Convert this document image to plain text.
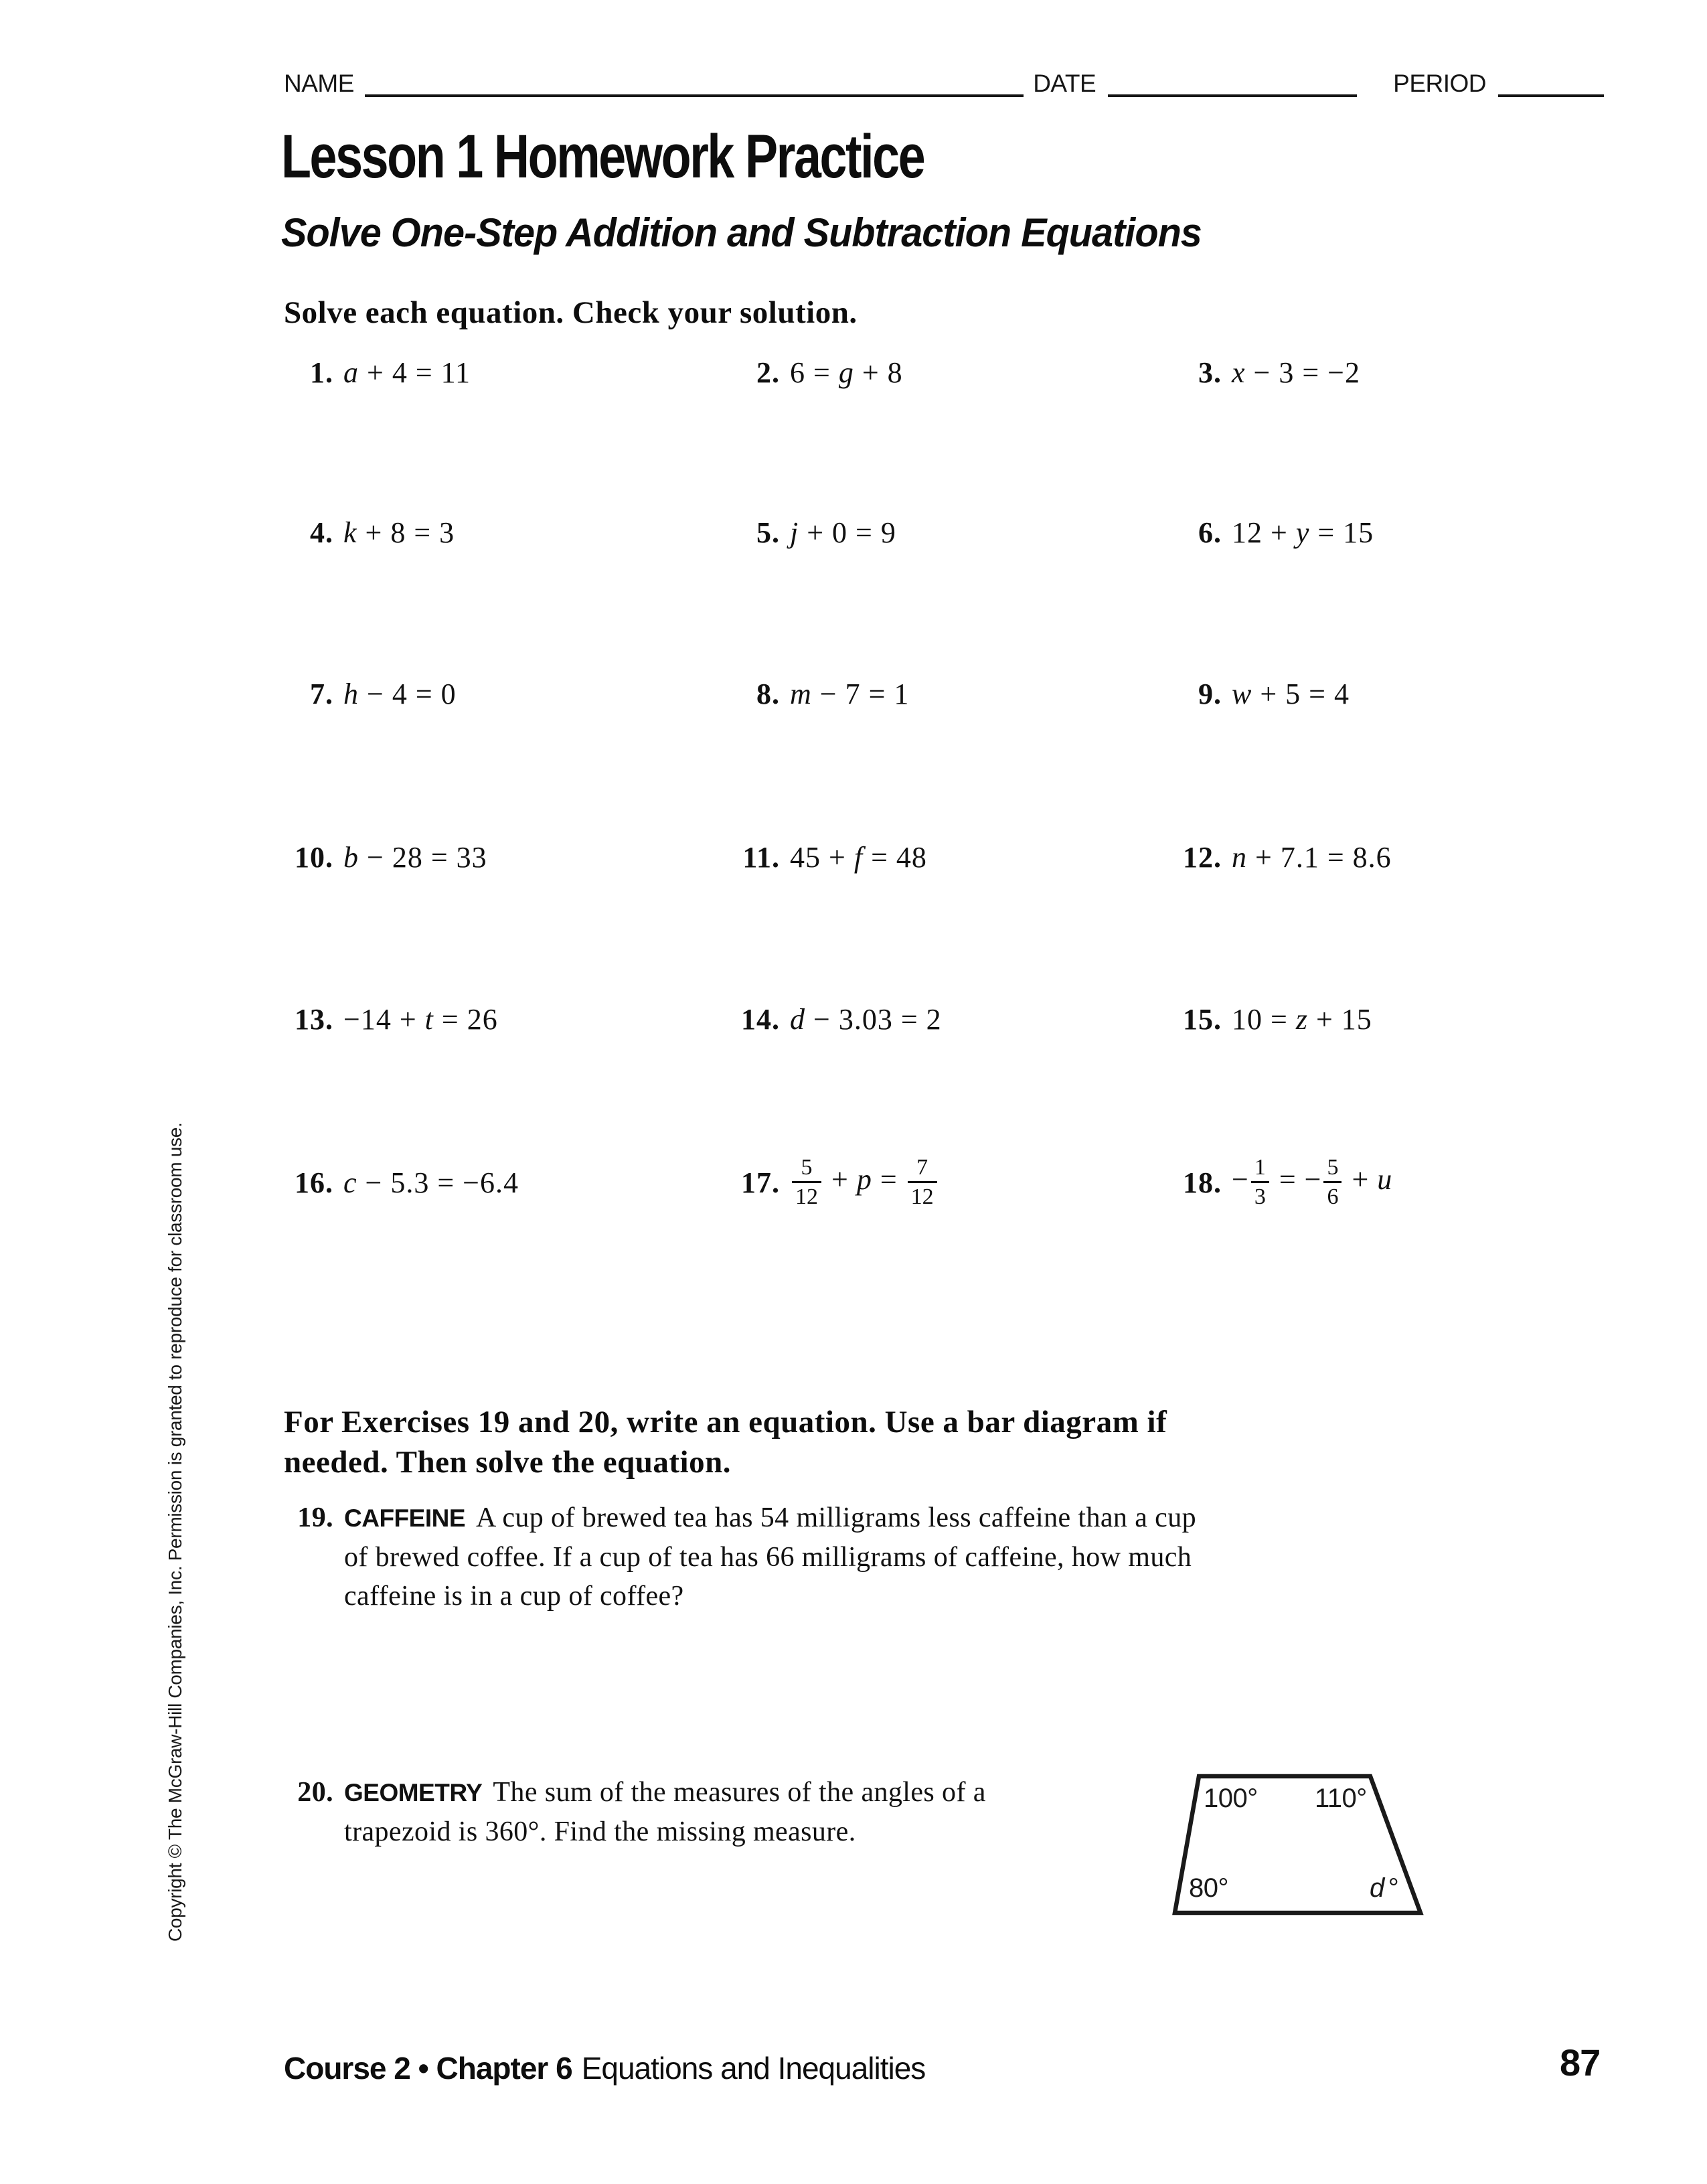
NAME	DATE	PERIOD
Lesson 1 Homework Practice
Solve One-Step Addition and Subtraction Equations
Solve each equation. Check your solution.
1. a + 4 = 11	2. 6 = g + 8	3. x − 3 = −2
4. k + 8 = 3	5. j + 0 = 9	6. 12 + y = 15
7. h − 4 = 0	8. m − 7 = 1	9. w + 5 = 4
10. b − 28 = 33	11. 45 + f = 48	12. n + 7.1 = 8.6
13. −14 + t = 26	14. d − 3.03 = 2	15. 10 = z + 15
16. c − 5.3 = −6.4	17. $\frac{5}{12} + p = \frac{7}{12}$	18. − $\frac{1}{3}$ = − $\frac{5}{6} + u$

For Exercises 19 and 20, write an equation. Use a bar diagram if
needed. Then solve the equation.

19. CAFFEINE A cup of brewed tea has 54 milligrams less caffeine than a cup
of brewed coffee. If a cup of tea has 66 milligrams of caffeine, how much
caffeine is in a cup of coffee?
20. GEOMETRY The sum of the measures of the angles of a
trapezoid is 360°. Find the missing measure.
100° 110°
80°	d °
Copyright © The McGraw-Hill Companies, Inc. Permission is granted to reproduce for classroom use.
Course 2 • Chapter 6 Equations and Inequalities	87
